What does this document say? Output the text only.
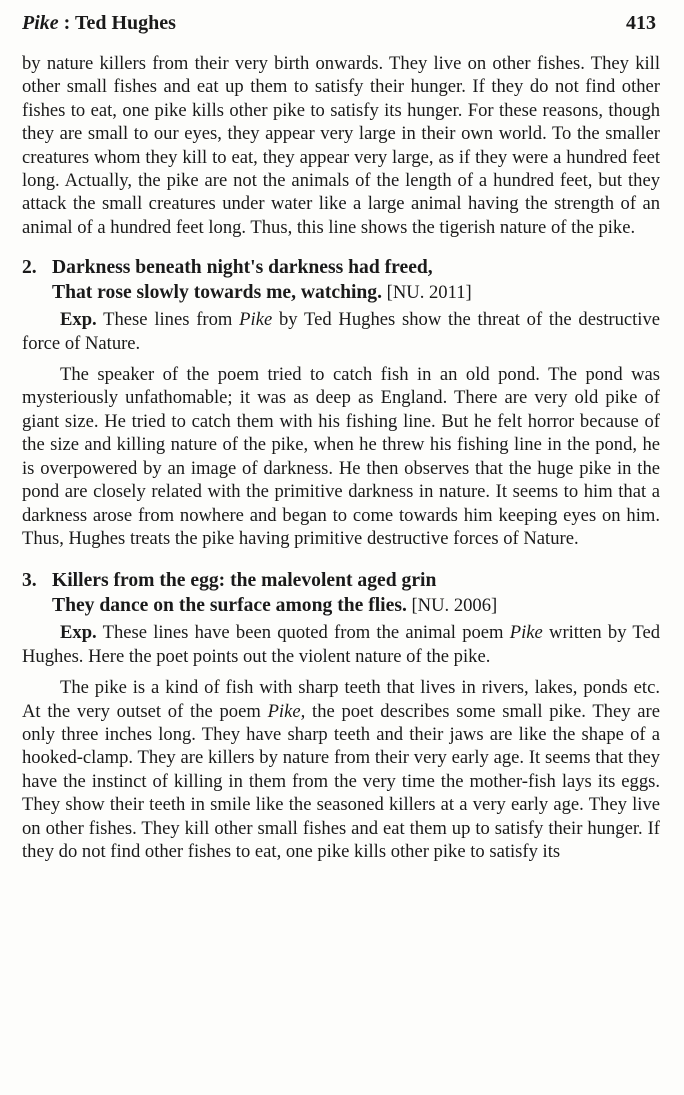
Pike : Ted Hughes	413

by nature killers from their very birth onwards. They live on other fishes. They kill other small fishes and eat up them to satisfy their hunger. If they do not find other fishes to eat, one pike kills other pike to satisfy its hunger. For these reasons, though they are small to our eyes, they appear very large in their own world. To the smaller creatures whom they kill to eat, they appear very large, as if they were a hundred feet long. Actually, the pike are not the animals of the length of a hundred feet, but they attack the small creatures under water like a large animal having the strength of an animal of a hundred feet long. Thus, this line shows the tigerish nature of the pike.

2. Darkness beneath night's darkness had freed,
That rose slowly towards me, watching. [NU. 2011]

Exp. These lines from Pike by Ted Hughes show the threat of the destructive force of Nature.

The speaker of the poem tried to catch fish in an old pond. The pond was mysteriously unfathomable; it was as deep as England. There are very old pike of giant size. He tried to catch them with his fishing line. But he felt horror because of the size and killing nature of the pike, when he threw his fishing line in the pond, he is overpowered by an image of darkness. He then observes that the huge pike in the pond are closely related with the primitive darkness in nature. It seems to him that a darkness arose from nowhere and began to come towards him keeping eyes on him. Thus, Hughes treats the pike having primitive destructive forces of Nature.

3. Killers from the egg: the malevolent aged grin
They dance on the surface among the flies. [NU. 2006]

Exp. These lines have been quoted from the animal poem Pike written by Ted Hughes. Here the poet points out the violent nature of the pike.

The pike is a kind of fish with sharp teeth that lives in rivers, lakes, ponds etc. At the very outset of the poem Pike, the poet describes some small pike. They are only three inches long. They have sharp teeth and their jaws are like the shape of a hooked-clamp. They are killers by nature from their very early age. It seems that they have the instinct of killing in them from the very time the mother-fish lays its eggs. They show their teeth in smile like the seasoned killers at a very early age. They live on other fishes. They kill other small fishes and eat them up to satisfy their hunger. If they do not find other fishes to eat, one pike kills other pike to satisfy its
